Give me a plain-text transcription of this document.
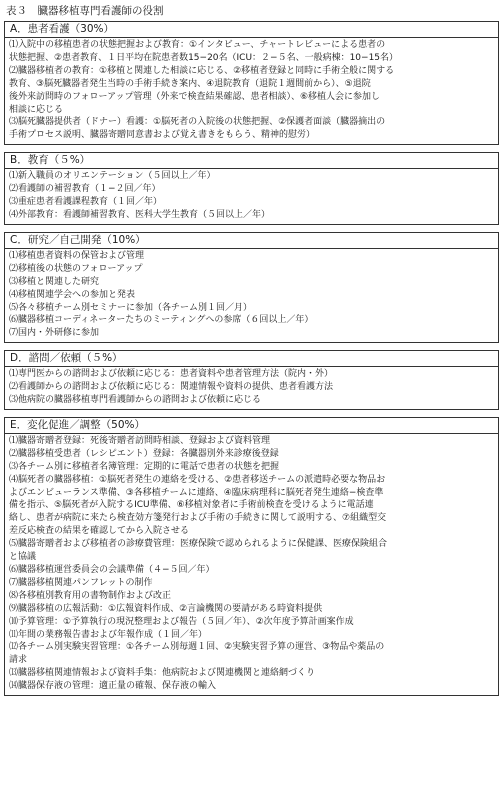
表３　臓器移植専門看護師の役割
A．患者看護（30%）
⑴入院中の移植患者の状態把握および教育：①インタビュー、チャートレビューによる患者の
状態把握、②患者教育、１日平均在院患者数15−20名（ICU：２−５名、一般病棟：10−15名）
⑵臓器移植者の教育：①移植と関連した相談に応じる、②移植者登録と同時に手術全般に関する
教育、③脳死臓器者発生当時の手術手続き案内、④退院教育（退院１週間前から）、⑤退院
後外来訪問時のフォローアップ管理（外来で検査結果確認、患者相談）、⑥移植人会に参加し
相談に応じる
⑶脳死臓器提供者（ドナー）看護：①脳死者の入院後の状態把握、②保護者面談（臓器摘出の
手術プロセス説明、臓器寄贈同意書および覚え書きをもらう、精神的慰労）
B．教育（５%）
⑴新入職員のオリエンテーション（５回以上／年）
⑵看護師の補習教育（１−２回／年）
⑶重症患者看護課程教育（１回／年）
⑷外部教育：看護師補習教育、医科大学生教育（５回以上／年）
C．研究／自己開発（10%）
⑴移植患者資料の保管および管理
⑵移植後の状態のフォローアップ
⑶移植と関連した研究
⑷移植関連学会への参加と発表
⑸各々移植チーム別セミナーに参加（各チーム別１回／月）
⑹臓器移植コーディネーターたちのミーティングへの参席（６回以上／年）
⑺国内・外研修に参加
D．諮問／依頼（５%）
⑴専門医からの諮問および依頼に応じる：患者資料や患者管理方法（院内・外）
⑵看護師からの諮問および依頼に応じる：関連情報や資料の提供、患者看護方法
⑶他病院の臓器移植専門看護師からの諮問および依頼に応じる
E．変化促進／調整（50%）
⑴臓器寄贈者登録：死後寄贈者訪問時相談、登録および資料管理
⑵臓器移植受患者（レシピエント）登録：各臓器別外来診療後登録
⑶各チーム別に移植者名簿管理：定期的に電話で患者の状態を把握
⑷脳死者の臓器移植：①脳死者発生の連絡を受ける、②患者移送チームの派遣時必要な物品お
よびエンビューランス準備、③各移植チームに連絡、④臨床病理科に脳死者発生連絡−検査準
備を指示、⑤脳死者が入院するICU準備、⑥移植対象者に手術前検査を受けるように電話連
絡し、患者が病院に来たら検査効方箋発行および手術の手続きに関して説明する、⑦組織型交
差反応検査の結果を確認してから入院させる
⑸臓器寄贈者および移植者の診療費管理：医療保険で認められるように保健課、医療保険組合
と協議
⑹臓器移植運営委員会の会議準備（４−５回／年）
⑺臓器移植関連パンフレットの制作
⑻各移植別教育用の書物制作および改正
⑼臓器移植の広報活動：①広報資料作成、②言論機関の要請がある時資料提供
⑽予算管理：①予算執行の現況整理および報告（５回／年）、②次年度予算計画案作成
⑾年間の業務報告書および年報作成（１回／年）
⑿各チーム別実験実習管理：①各チーム別毎週１回、②実験実習予算の運営、③物品や薬品の
請求
⒀臓器移植関連情報および資料手集：他病院および関連機関と連絡網づくり
⒁臓器保存液の管理：適正量の確報、保存液の輸入
